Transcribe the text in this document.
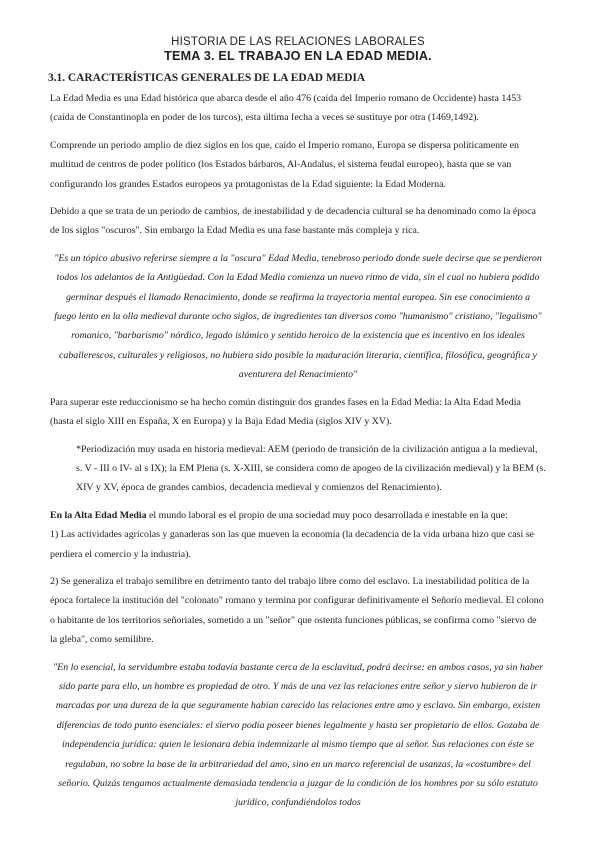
HISTORIA DE LAS RELACIONES LABORALES
TEMA 3. EL TRABAJO EN LA EDAD MEDIA.
3.1. CARACTERÍSTICAS GENERALES DE LA EDAD MEDIA

La Edad Media es una Edad histórica que abarca desde el año 476 (caída del Imperio romano de Occidente) hasta 1453 (caída de Constantinopla en poder de los turcos), esta última fecha a veces se sustituye por otra (1469,1492).

Comprende un periodo amplio de diez siglos en los que, caído el Imperio romano, Europa se dispersa políticamente en multitud de centros de poder político (los Estados bárbaros, Al-Andalus, el sistema feudal europeo), hasta que se van configurando los grandes Estados europeos ya protagonistas de la Edad siguiente: la Edad Moderna.

Debido a que se trata de un periodo de cambios, de inestabilidad y de decadencia cultural se ha denominado como la época de los siglos "oscuros". Sin embargo la Edad Media es una fase bastante más compleja y rica.

"Es un tópico abusivo referirse siempre a la "oscura" Edad Media, tenebroso periodo donde suele decirse que se perdieron todos los adelantos de la Antigüedad. Con la Edad Media comienza un nuevo ritmo de vida, sin el cual no hubiera podido germinar después el llamado Renacimiento, donde se reafirma la trayectoria mental europea. Sin ese conocimiento a fuego lento en la olla medieval durante ocho siglos, de ingredientes tan diversos como "humanismo" cristiano, "legalismo" romanico, "barbarismo" nórdico, legado islámico y sentido heroico de la existencia que es incentivo en los ideales caballerescos, culturales y religiosos, no hubiera sido posible la maduración literaria, científica, filosófica, geográfica y aventurera del Renacimiento"

Para superar este reduccionismo se ha hecho común distinguir dos grandes fases en la Edad Media: la Alta Edad Media (hasta el siglo XIII en España, X en Europa) y la Baja Edad Media (siglos XIV y XV).

*Periodización muy usada en historia medieval: AEM (periodo de transición de la civilización antigua a la medieval, s. V - III o IV- al s IX); la EM Plena (s. X-XIII, se considera como de apogeo de la civilización medieval) y la BEM (s. XIV y XV, época de grandes cambios, decadencia medieval y comienzos del Renacimiento).

En la Alta Edad Media el mundo laboral es el propio de una sociedad muy poco desarrollada e inestable en la que:

1) Las actividades agrícolas y ganaderas son las que mueven la economía (la decadencia de la vida urbana hizo que casi se perdiera el comercio y la industria).

2) Se generaliza el trabajo semilibre en detrimento tanto del trabajo libre como del esclavo. La inestabilidad política de la época fortalece la institución del "colonato" romano y termina por configurar definitivamente el Señorío medieval. El colono o habitante de los territorios señoriales, sometido a un "señor" que ostenta funciones públicas, se confirma como "siervo de la gleba", como semilibre.

"En lo esencial, la servidumbre estaba todavía bastante cerca de la esclavitud, podrá decirse: en ambos casos, ya sin haber sido parte para ello, un hombre es propiedad de otro. Y más de una vez las relaciones entre señor y siervo hubieron de ir marcadas por una dureza de la que seguramente habían carecido las relaciones entre amo y esclavo. Sin embargo, existen diferencias de todo punto esenciales: el siervo podía poseer bienes legalmente y hasta ser propietario de ellos. Gozaba de independencia jurídica: quien le lesionara debía indemnizarle al mismo tiempo que al señor. Sus relaciones con éste se regulaban, no sobre la base de la arbitrariedad del amo, sino en un marco referencial de usanzas, la «costumbre» del señorío. Quizás tengamos actualmente demasiada tendencia a juzgar de la condición de los hombres por su sólo estatuto jurídico, confundiéndolos todos
